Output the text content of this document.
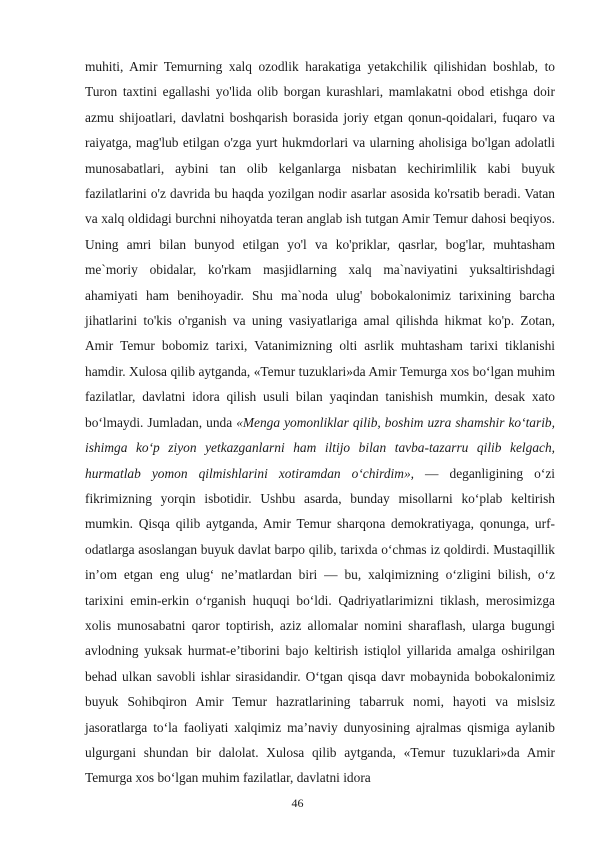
muhiti, Amir Temurning xalq ozodlik harakatiga yetakchilik qilishidan boshlab, to Turon taxtini egallashi yo'lida olib borgan kurashlari, mamlakatni obod etishga doir azmu shijoatlari, davlatni boshqarish borasida joriy etgan qonun-qoidalari, fuqaro va raiyatga, mag'lub etilgan o'zga yurt hukmdorlari va ularning aholisiga bo'lgan adolatli munosabatlari, aybini tan olib kelganlarga nisbatan kechirimlilik kabi buyuk fazilatlarini o'z davrida bu haqda yozilgan nodir asarlar asosida ko'rsatib beradi. Vatan va xalq oldidagi burchni nihoyatda teran anglab ish tutgan Amir Temur dahosi beqiyos. Uning amri bilan bunyod etilgan yo'l va ko'priklar, qasrlar, bog'lar, muhtasham me`moriy obidalar, ko'rkam masjidlarning xalq ma`naviyatini yuksaltirishdagi ahamiyati ham benihoyadir. Shu ma`noda ulug' bobokalonimiz tarixining barcha jihatlarini to'kis o'rganish va uning vasiyatlariga amal qilishda hikmat ko'p. Zotan, Amir Temur bobomiz tarixi, Vatanimizning olti asrlik muhtasham tarixi tiklanishi hamdir. Xulosa qilib aytganda, «Temur tuzuklari»da Amir Temurga xos bo‘lgan muhim fazilatlar, davlatni idora qilish usuli bilan yaqindan tanishish mumkin, desak xato bo‘lmaydi. Jumladan, unda «Menga yomonliklar qilib, boshim uzra shamshir ko‘tarib, ishimga ko‘p ziyon yetkazganlarni ham iltijo bilan tavba-tazarru qilib kelgach, hurmatlab yomon qilmishlarini xotiramdan o‘chirdim», — deganligining o‘zi fikrimizning yorqin isbotidir. Ushbu asarda, bunday misollarni ko‘plab keltirish mumkin. Qisqa qilib aytganda, Amir Temur sharqona demokratiyaga, qonunga, urf-odatlarga asoslangan buyuk davlat barpo qilib, tarixda o‘chmas iz qoldirdi. Mustaqillik in’om etgan eng ulug‘ ne’matlardan biri — bu, xalqimizning o‘zligini bilish, o‘z tarixini emin-erkin o‘rganish huquqi bo‘ldi. Qadriyatlarimizni tiklash, merosimizga xolis munosabatni qaror toptirish, aziz allomalar nomini sharaflash, ularga bugungi avlodning yuksak hurmat-e’tiborini bajo keltirish istiqlol yillarida amalga oshirilgan behad ulkan savobli ishlar sirasidandir. O‘tgan qisqa davr mobaynida bobokalonimiz buyuk Sohibqiron Amir Temur hazratlarining tabarruk nomi, hayoti va mislsiz jasoratlarga to‘la faoliyati xalqimiz ma’naviy dunyosining ajralmas qismiga aylanib ulgurgani shundan bir dalolat. Xulosa qilib aytganda, «Temur tuzuklari»da Amir Temurga xos bo‘lgan muhim fazilatlar, davlatni idora

46
